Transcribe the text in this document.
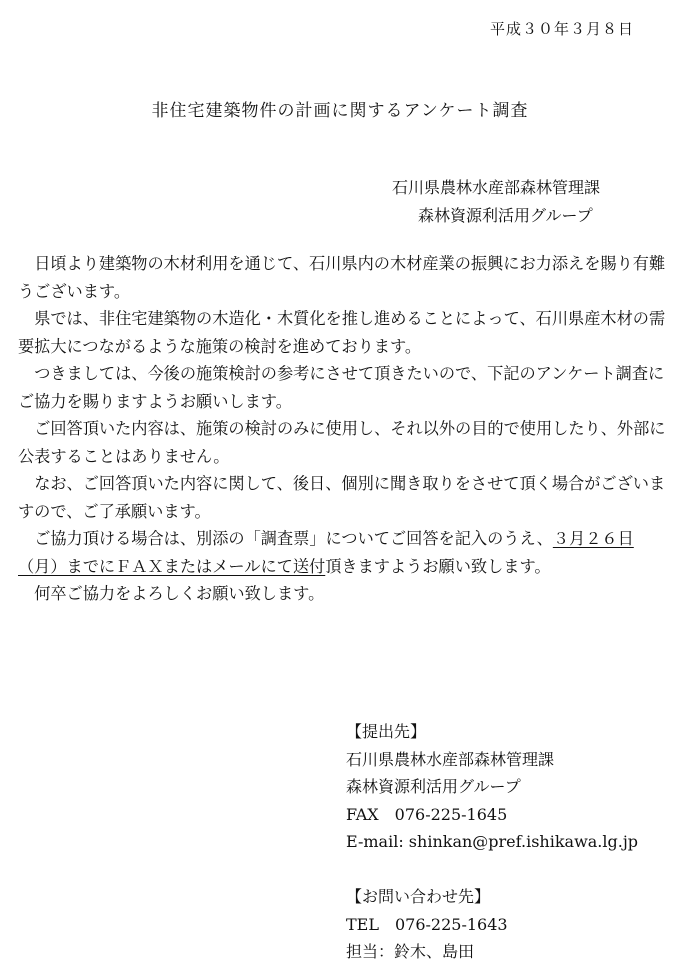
平成３０年３月８日
非住宅建築物件の計画に関するアンケート調査
石川県農林水産部森林管理課
森林資源利活用グループ

日頃より建築物の木材利用を通じて、石川県内の木材産業の振興にお力添えを賜り有難うございます。

県では、非住宅建築物の木造化・木質化を推し進めることによって、石川県産木材の需要拡大につながるような施策の検討を進めております。

つきましては、今後の施策検討の参考にさせて頂きたいので、下記のアンケート調査にご協力を賜りますようお願いします。

ご回答頂いた内容は、施策の検討のみに使用し、それ以外の目的で使用したり、外部に公表することはありません。

なお、ご回答頂いた内容に関して、後日、個別に聞き取りをさせて頂く場合がございますので、ご了承願います。

ご協力頂ける場合は、別添の「調査票」についてご回答を記入のうえ、３月２６日（月）までにＦＡＸまたはメールにて送付頂きますようお願い致します。

何卒ご協力をよろしくお願い致します。

【提出先】
石川県農林水産部森林管理課
森林資源利活用グループ
FAX　076-225-1645
E-mail: shinkan@pref.ishikawa.lg.jp
【お問い合わせ先】
TEL　076-225-1643
担当：鈴木、島田
